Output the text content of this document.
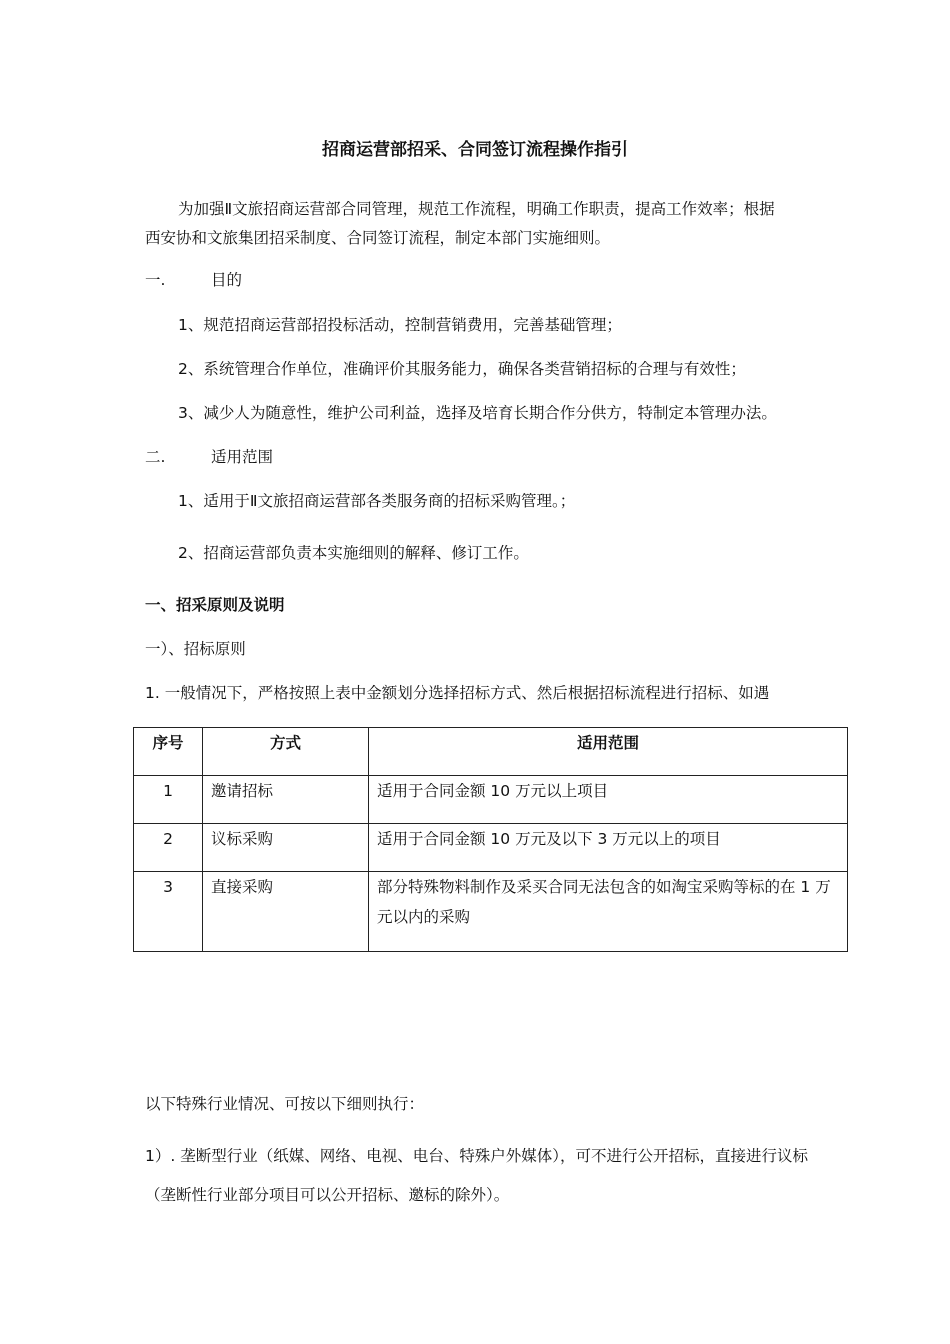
招商运营部招采、合同签订流程操作指引
为加强Ⅱ文旅招商运营部合同管理，规范工作流程，明确工作职责，提高工作效率；根据
西安协和文旅集团招采制度、合同签订流程，制定本部门实施细则。
一.	目的
1、规范招商运营部招投标活动，控制营销费用，完善基础管理；
2、系统管理合作单位，准确评价其服务能力，确保各类营销招标的合理与有效性；
3、减少人为随意性，维护公司利益，选择及培育长期合作分供方，特制定本管理办法。
二.	适用范围
1、适用于Ⅱ文旅招商运营部各类服务商的招标采购管理。；
2、招商运营部负责本实施细则的解释、修订工作。
一、招采原则及说明
一）、招标原则
1. 一般情况下，严格按照上表中金额划分选择招标方式、然后根据招标流程进行招标、如遇
序号	方式	适用范围
1	邀请招标	适用于合同金额 10 万元以上项目
2	议标采购	适用于合同金额 10 万元及以下 3 万元以上的项目
3	直接采购	部分特殊物料制作及采买合同无法包含的如淘宝采购等标的在 1 万元以内的采购
以下特殊行业情况、可按以下细则执行：
1）. 垄断型行业（纸媒、网络、电视、电台、特殊户外媒体），可不进行公开招标，直接进行议标
（垄断性行业部分项目可以公开招标、邀标的除外）。
